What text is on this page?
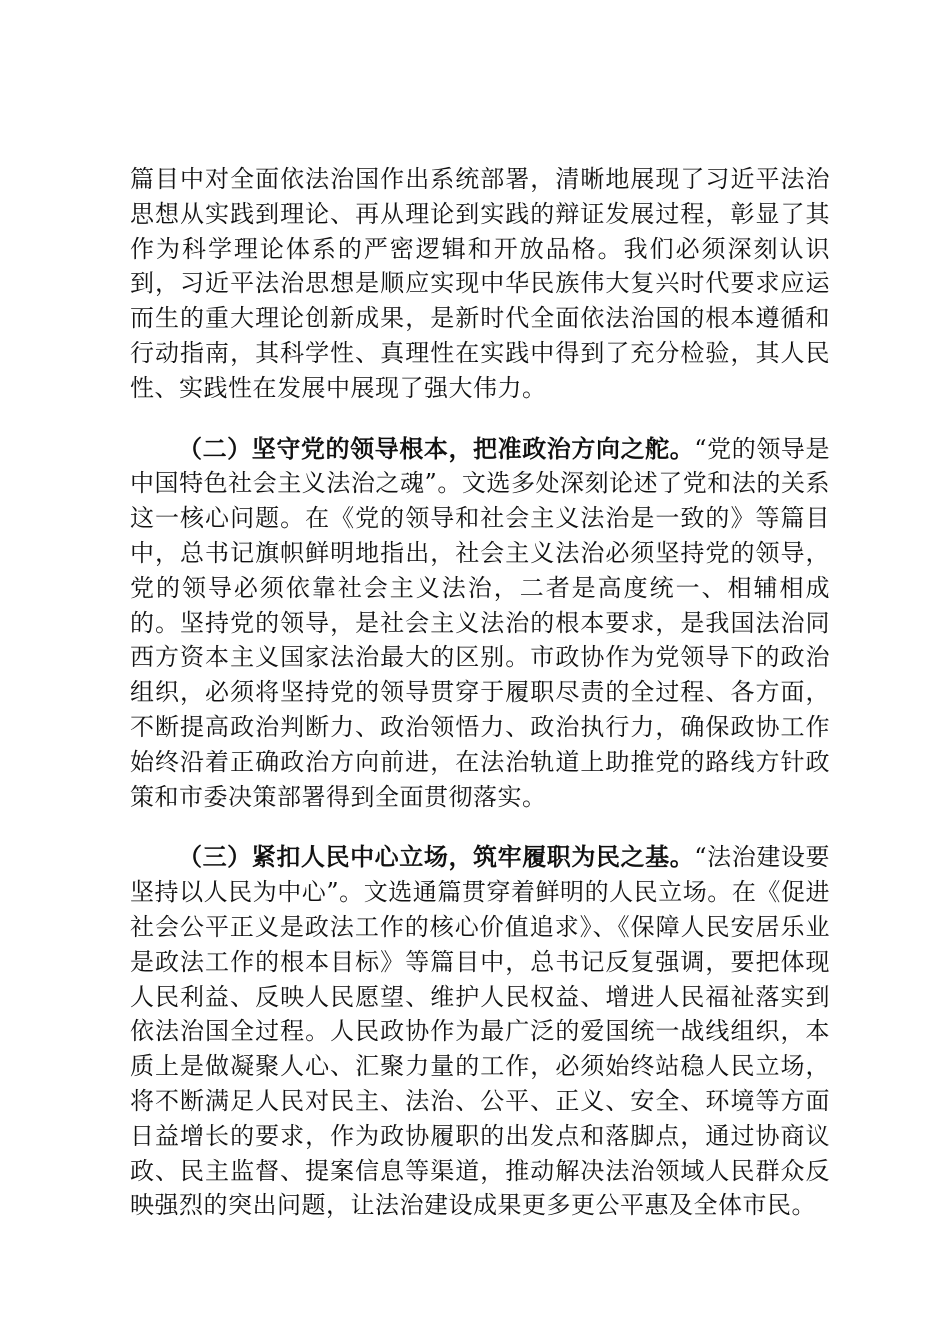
篇目中对全面依法治国作出系统部署，清晰地展现了习近平法治思想从实践到理论、再从理论到实践的辩证发展过程，彰显了其作为科学理论体系的严密逻辑和开放品格。我们必须深刻认识到，习近平法治思想是顺应实现中华民族伟大复兴时代要求应运而生的重大理论创新成果，是新时代全面依法治国的根本遵循和行动指南，其科学性、真理性在实践中得到了充分检验，其人民性、实践性在发展中展现了强大伟力。

（二）坚守党的领导根本，把准政治方向之舵。“党的领导是中国特色社会主义法治之魂”。文选多处深刻论述了党和法的关系这一核心问题。在《党的领导和社会主义法治是一致的》等篇目中，总书记旗帜鲜明地指出，社会主义法治必须坚持党的领导，党的领导必须依靠社会主义法治，二者是高度统一、相辅相成的。坚持党的领导，是社会主义法治的根本要求，是我国法治同西方资本主义国家法治最大的区别。市政协作为党领导下的政治组织，必须将坚持党的领导贯穿于履职尽责的全过程、各方面，不断提高政治判断力、政治领悟力、政治执行力，确保政协工作始终沿着正确政治方向前进，在法治轨道上助推党的路线方针政策和市委决策部署得到全面贯彻落实。

（三）紧扣人民中心立场，筑牢履职为民之基。“法治建设要坚持以人民为中心”。文选通篇贯穿着鲜明的人民立场。在《促进社会公平正义是政法工作的核心价值追求》、《保障人民安居乐业是政法工作的根本目标》等篇目中，总书记反复强调，要把体现人民利益、反映人民愿望、维护人民权益、增进人民福祉落实到依法治国全过程。人民政协作为最广泛的爱国统一战线组织，本质上是做凝聚人心、汇聚力量的工作，必须始终站稳人民立场，将不断满足人民对民主、法治、公平、正义、安全、环境等方面日益增长的要求，作为政协履职的出发点和落脚点，通过协商议政、民主监督、提案信息等渠道，推动解决法治领域人民群众反映强烈的突出问题，让法治建设成果更多更公平惠及全体市民。
